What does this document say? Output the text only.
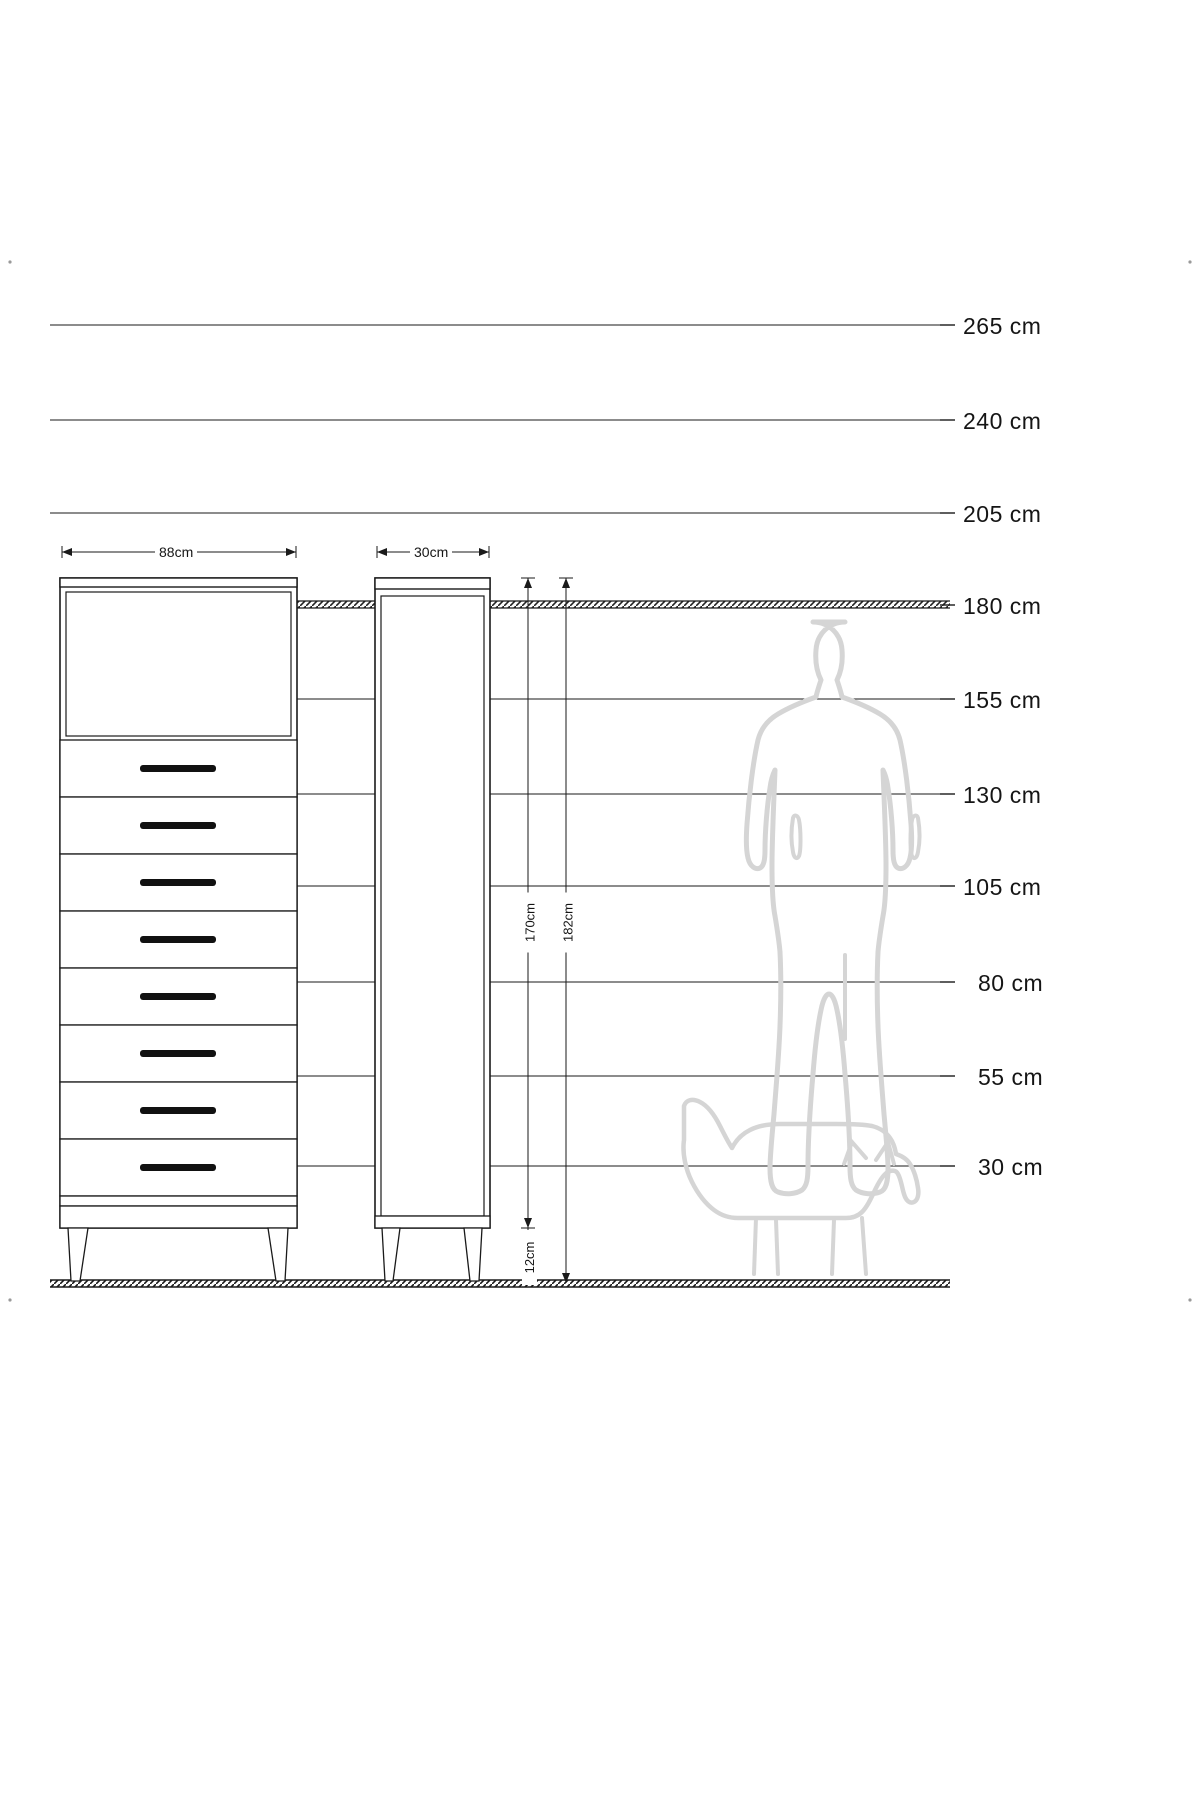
265 cm
240 cm
205 cm
180 cm
155 cm
130 cm
105 cm
80 cm
55 cm
30 cm
88cm	30cm
170cm 182cm
12cm
